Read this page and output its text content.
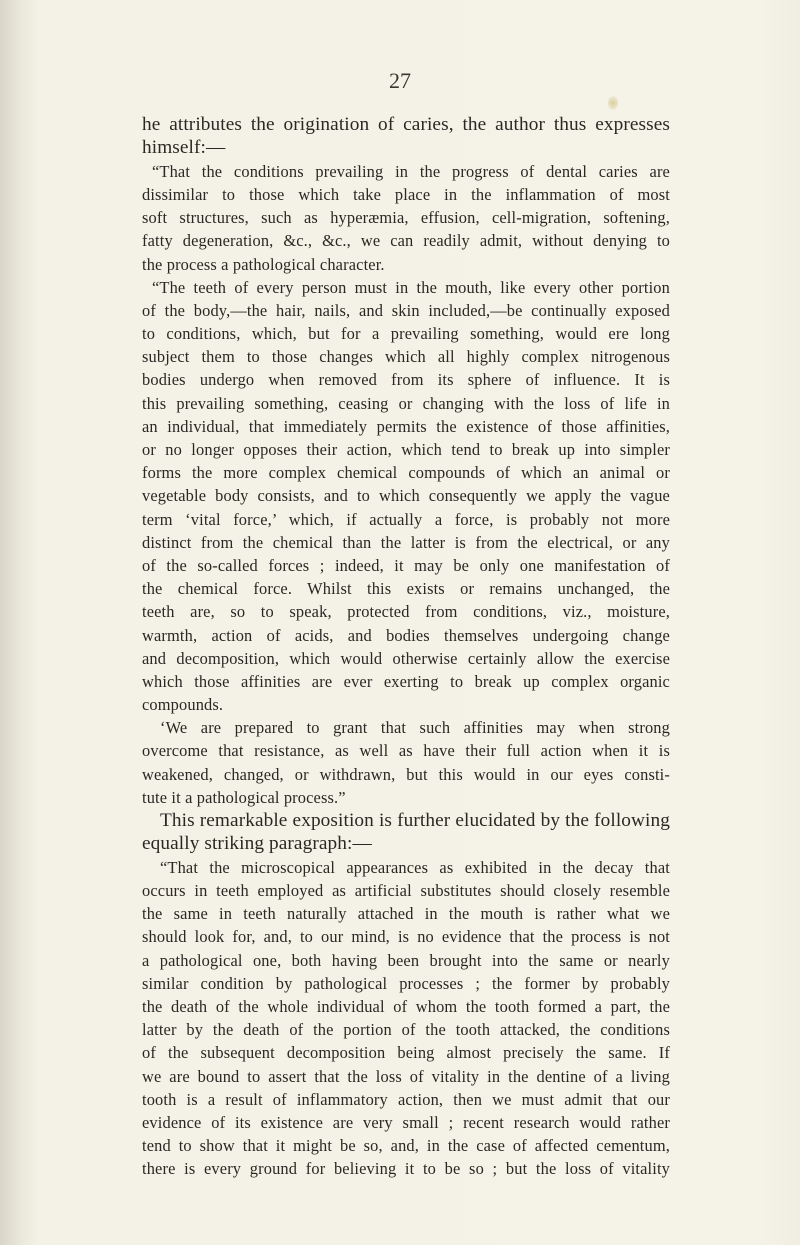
27
he attributes the origination of caries, the author thus expresses
himself:—
“That the conditions prevailing in the progress of dental caries are
dissimilar to those which take place in the inflammation of most
soft structures, such as hyperæmia, effusion, cell-migration, softening,
fatty degeneration, &c., &c., we can readily admit, without denying to
the process a pathological character.
“The teeth of every person must in the mouth, like every other portion
of the body,—the hair, nails, and skin included,—be continually exposed
to conditions, which, but for a prevailing something, would ere long
subject them to those changes which all highly complex nitrogenous
bodies undergo when removed from its sphere of influence. It is
this prevailing something, ceasing or changing with the loss of life in
an individual, that immediately permits the existence of those affinities,
or no longer opposes their action, which tend to break up into simpler
forms the more complex chemical compounds of which an animal or
vegetable body consists, and to which consequently we apply the vague
term ‘vital force,’ which, if actually a force, is probably not more
distinct from the chemical than the latter is from the electrical, or any
of the so-called forces ; indeed, it may be only one manifestation of
the chemical force. Whilst this exists or remains unchanged, the
teeth are, so to speak, protected from conditions, viz., moisture,
warmth, action of acids, and bodies themselves undergoing change
and decomposition, which would otherwise certainly allow the exercise
which those affinities are ever exerting to break up complex organic
compounds.
‘We are prepared to grant that such affinities may when strong
overcome that resistance, as well as have their full action when it is
weakened, changed, or withdrawn, but this would in our eyes consti-
tute it a pathological process.”
This remarkable exposition is further elucidated by the following
equally striking paragraph:—
“That the microscopical appearances as exhibited in the decay that
occurs in teeth employed as artificial substitutes should closely resemble
the same in teeth naturally attached in the mouth is rather what we
should look for, and, to our mind, is no evidence that the process is not
a pathological one, both having been brought into the same or nearly
similar condition by pathological processes ; the former by probably
the death of the whole individual of whom the tooth formed a part, the
latter by the death of the portion of the tooth attacked, the conditions
of the subsequent decomposition being almost precisely the same. If
we are bound to assert that the loss of vitality in the dentine of a living
tooth is a result of inflammatory action, then we must admit that our
evidence of its existence are very small ; recent research would rather
tend to show that it might be so, and, in the case of affected cementum,
there is every ground for believing it to be so ; but the loss of vitality
